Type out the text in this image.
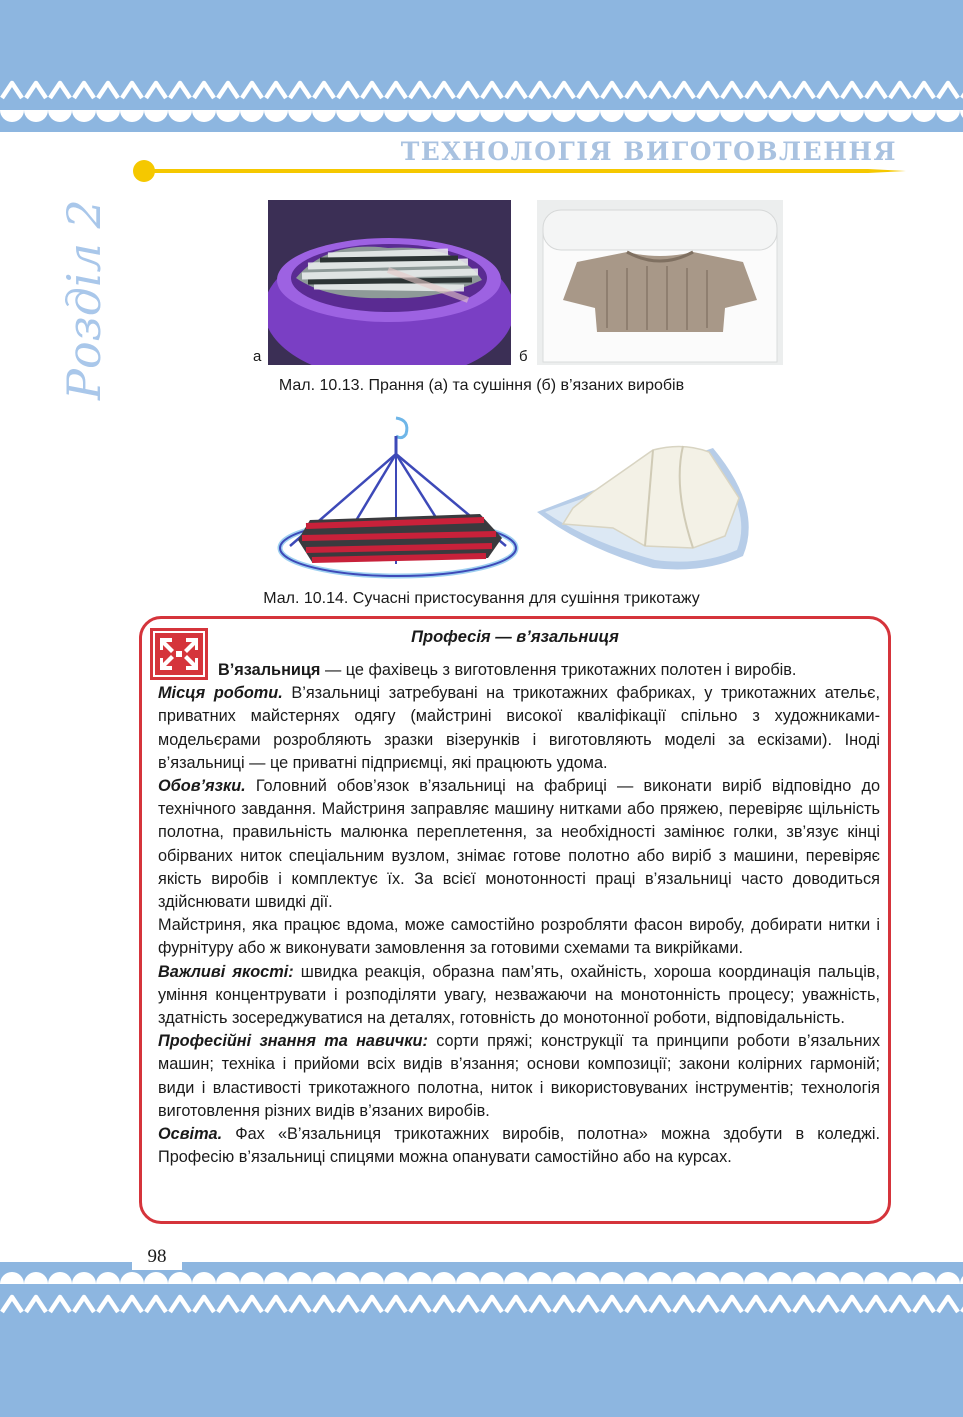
ТЕХНОЛОГІЯ ВИГОТОВЛЕННЯ
Розділ 2	а	б
Мал. 10.13. Прання (а) та сушіння (б) в’язаних виробів
Мал. 10.14. Сучасні пристосування для сушіння трикотажу
Професія — в’язальниця

В’язальниця — це фахівець з виготовлення трикотажних полотен і виробів.

Місця роботи. В’язальниці затребувані на трикотажних фабриках, у трикотажних ательє, приватних майстернях одягу (майстрині високої кваліфікації спільно з художниками-модельєрами розробляють зразки візерунків і виготовляють моделі за ескізами). Іноді в’язальниці — це приватні підприємці, які працюють удома.

Обов’язки. Головний обов’язок в’язальниці на фабриці — виконати виріб відповідно до технічного завдання. Майстриня заправляє машину нитками або пряжею, перевіряє щільність полотна, правильність малюнка переплетення, за необхідності замінює голки, зв’язує кінці обірваних ниток спеціальним вузлом, знімає готове полотно або виріб з машини, перевіряє якість виробів і комплектує їх. За всієї монотонності праці в’язальниці часто доводиться здійснювати швидкі дії.

Майстриня, яка працює вдома, може самостійно розробляти фасон виробу, добирати нитки і фурнітуру або ж виконувати замовлення за готовими схемами та викрійками.

Важливі якості: швидка реакція, образна пам’ять, охайність, хороша координація пальців, уміння концентрувати і розподіляти увагу, незважаючи на монотонність процесу; уважність, здатність зосереджуватися на деталях, готовність до монотонної роботи, відповідальність.

Професійні знання та навички: сорти пряжі; конструкції та принципи роботи в’язальних машин; техніка і прийоми всіх видів в’язання; основи композиції; закони колірних гармоній; види і властивості трикотажного полотна, ниток і використовуваних інструментів; технологія виготовлення різних видів в’язаних виробів.

Освіта. Фах «В’язальниця трикотажних виробів, полотна» можна здобути в коледжі. Професію в’язальниці спицями можна опанувати самостійно або на курсах.

98
